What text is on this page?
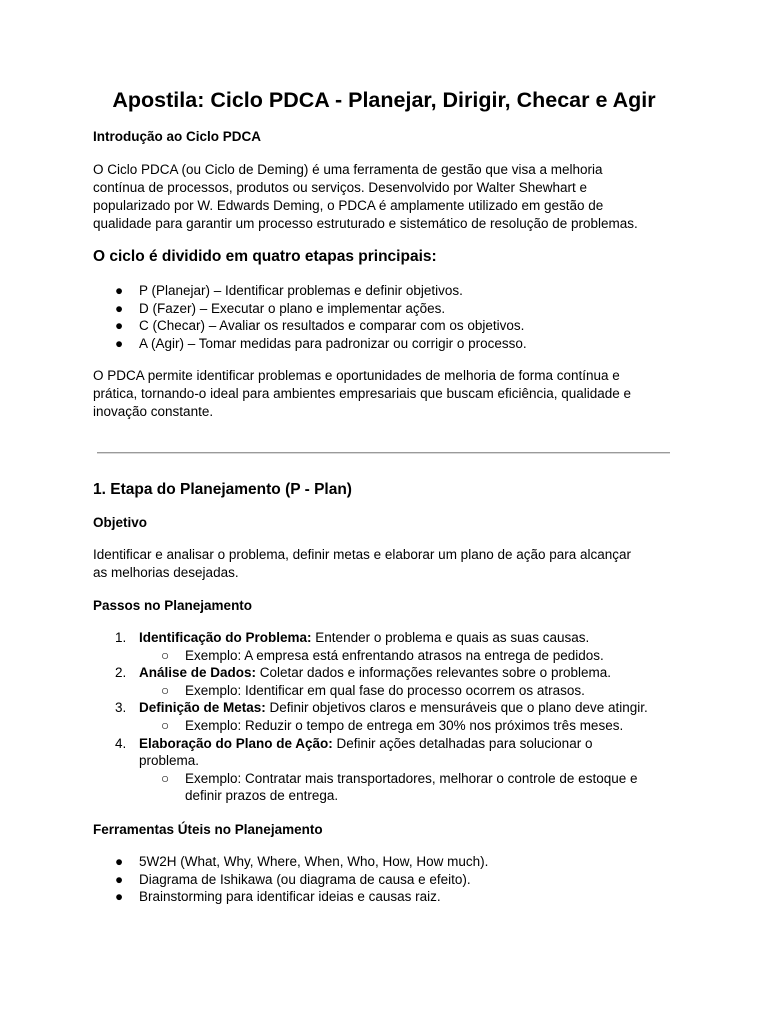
Apostila: Ciclo PDCA - Planejar, Dirigir, Checar e Agir
Introdução ao Ciclo PDCA
O Ciclo PDCA (ou Ciclo de Deming) é uma ferramenta de gestão que visa a melhoria
contínua de processos, produtos ou serviços. Desenvolvido por Walter Shewhart e
popularizado por W. Edwards Deming, o PDCA é amplamente utilizado em gestão de
qualidade para garantir um processo estruturado e sistemático de resolução de problemas.
O ciclo é dividido em quatro etapas principais:
● P (Planejar) – Identificar problemas e definir objetivos.

● D (Fazer) – Executar o plano e implementar ações.

● C (Checar) – Avaliar os resultados e comparar com os objetivos.

● A (Agir) – Tomar medidas para padronizar ou corrigir o processo.

O PDCA permite identificar problemas e oportunidades de melhoria de forma contínua e
prática, tornando-o ideal para ambientes empresariais que buscam eficiência, qualidade e
inovação constante.
1. Etapa do Planejamento (P - Plan)
Objetivo
Identificar e analisar o problema, definir metas e elaborar um plano de ação para alcançar
as melhorias desejadas.
Passos no Planejamento
1. Identificação do Problema: Entender o problema e quais as suas causas.
○	Exemplo: A empresa está enfrentando atrasos na entrega de pedidos.
2. Análise de Dados: Coletar dados e informações relevantes sobre o problema.
○	Exemplo: Identificar em qual fase do processo ocorrem os atrasos.
3. Definição de Metas: Definir objetivos claros e mensuráveis que o plano deve atingir.
○	Exemplo: Reduzir o tempo de entrega em 30% nos próximos três meses.
4. Elaboração do Plano de Ação: Definir ações detalhadas para solucionar o
problema.
○	Exemplo: Contratar mais transportadores, melhorar o controle de estoque e
definir prazos de entrega.
Ferramentas Úteis no Planejamento
● 5W2H (What, Why, Where, When, Who, How, How much).

● Diagrama de Ishikawa (ou diagrama de causa e efeito).

● Brainstorming para identificar ideias e causas raiz.
